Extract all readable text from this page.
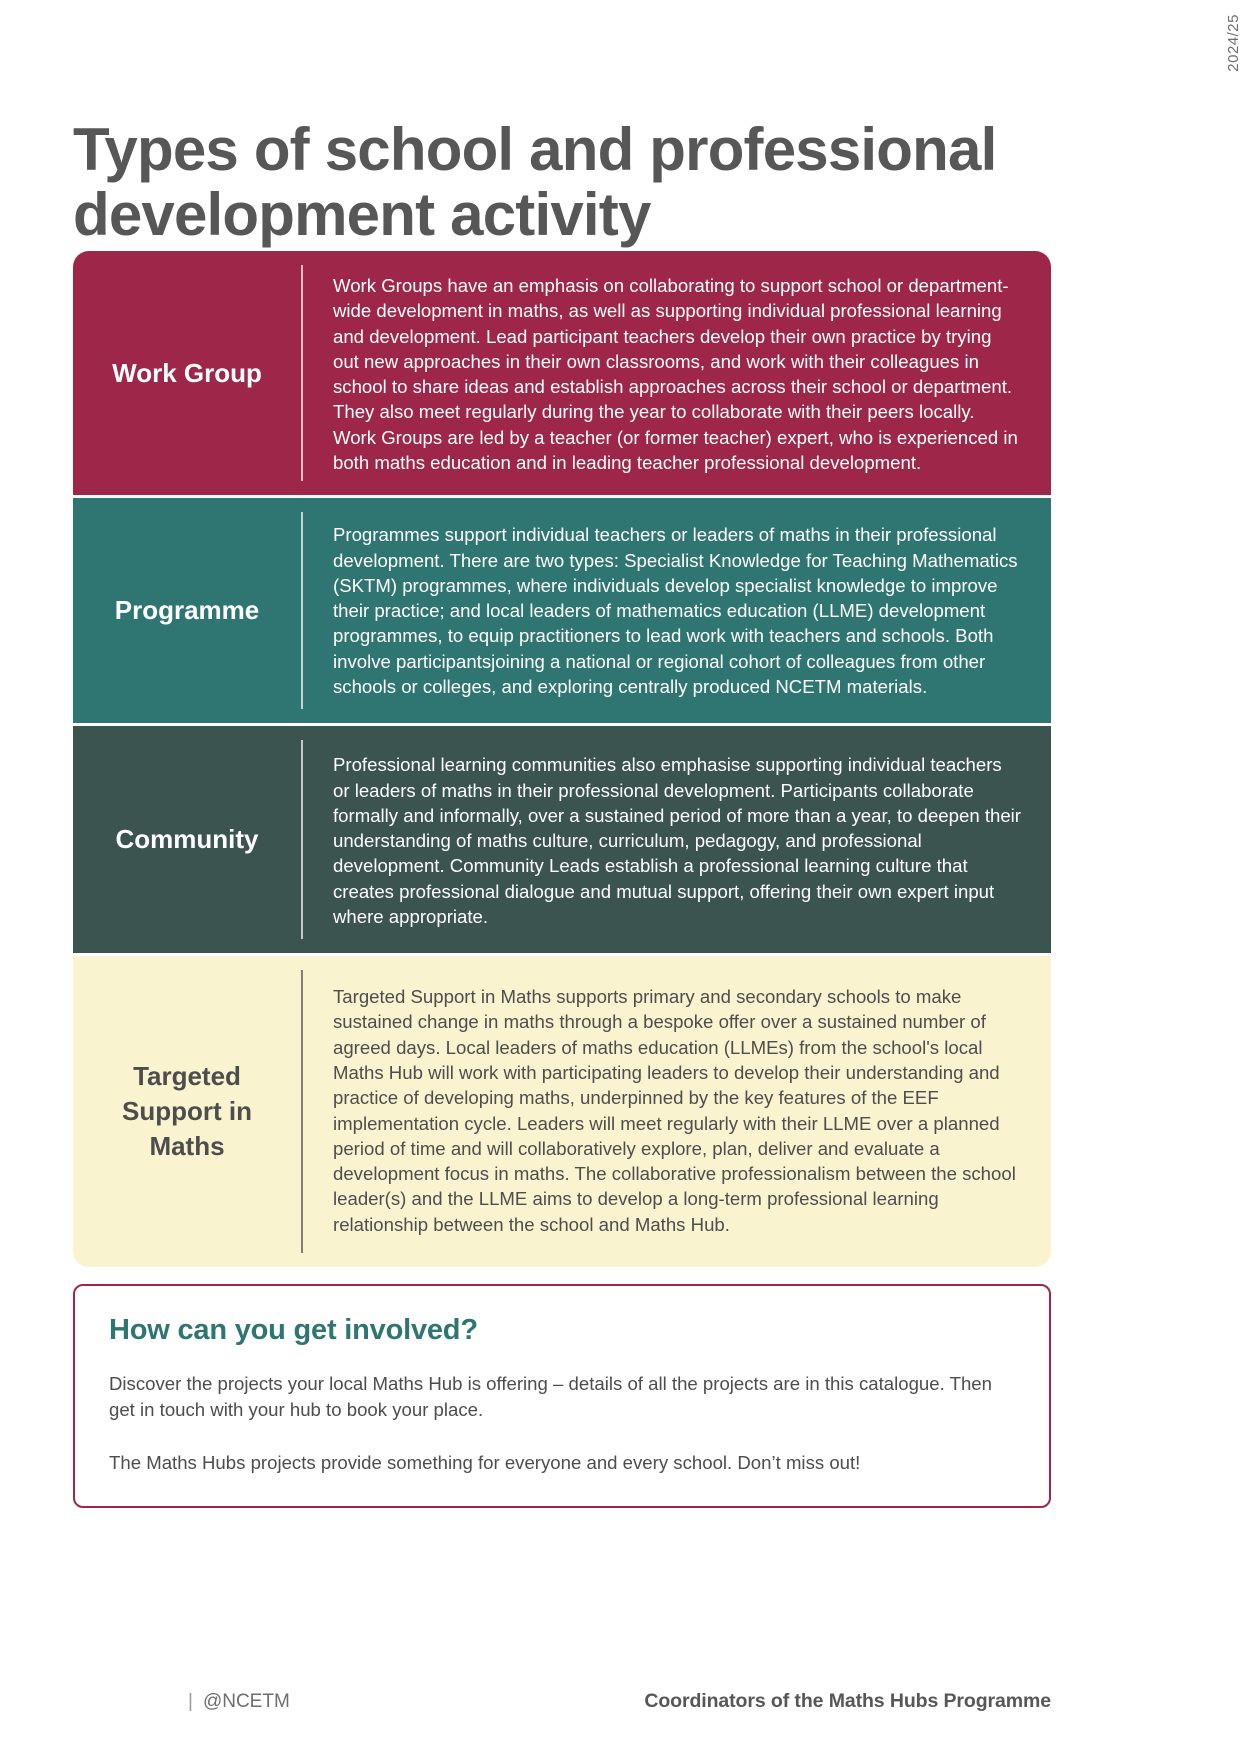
2024/25
Types of school and professional development activity
Work Group
Work Groups have an emphasis on collaborating to support school or department-wide development in maths, as well as supporting individual professional learning and development. Lead participant teachers develop their own practice by trying out new approaches in their own classrooms, and work with their colleagues in school to share ideas and establish approaches across their school or department. They also meet regularly during the year to collaborate with their peers locally. Work Groups are led by a teacher (or former teacher) expert, who is experienced in both maths education and in leading teacher professional development.
Programme
Programmes support individual teachers or leaders of maths in their professional development. There are two types: Specialist Knowledge for Teaching Mathematics (SKTM) programmes, where individuals develop specialist knowledge to improve their practice; and local leaders of mathematics education (LLME) development programmes, to equip practitioners to lead work with teachers and schools. Both involve participantsjoining a national or regional cohort of colleagues from other schools or colleges, and exploring centrally produced NCETM materials.
Community
Professional learning communities also emphasise supporting individual teachers or leaders of maths in their professional development. Participants collaborate formally and informally, over a sustained period of more than a year, to deepen their understanding of maths culture, curriculum, pedagogy, and professional development. Community Leads establish a professional learning culture that creates professional dialogue and mutual support, offering their own expert input where appropriate.
Targeted Support in Maths
Targeted Support in Maths supports primary and secondary schools to make sustained change in maths through a bespoke offer over a sustained number of agreed days. Local leaders of maths education (LLMEs) from the school's local Maths Hub will work with participating leaders to develop their understanding and practice of developing maths, underpinned by the key features of the EEF implementation cycle. Leaders will meet regularly with their LLME over a planned period of time and will collaboratively explore, plan, deliver and evaluate a development focus in maths. The collaborative professionalism between the school leader(s) and the LLME aims to develop a long-term professional learning relationship between the school and Maths Hub.
How can you get involved?

Discover the projects your local Maths Hub is offering – details of all the projects are in this catalogue. Then get in touch with your hub to book your place.

The Maths Hubs projects provide something for everyone and every school. Don’t miss out!

| @NCETM	Coordinators of the Maths Hubs Programme
